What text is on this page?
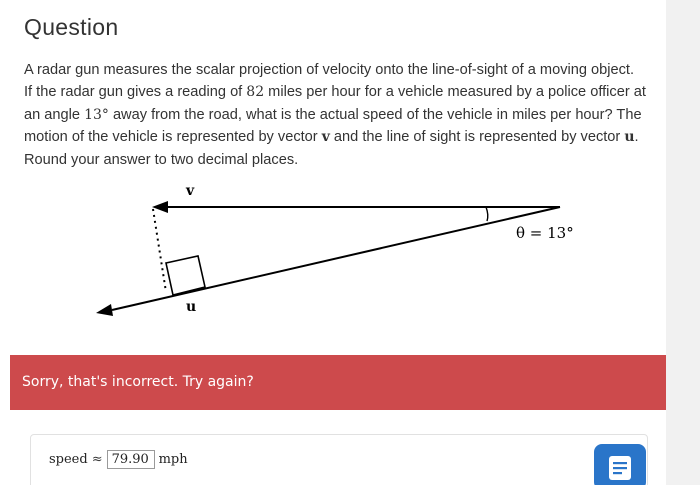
Question
A radar gun measures the scalar projection of velocity onto the line-of-sight of a moving object. If the radar gun gives a reading of 82 miles per hour for a vehicle measured by a police officer at an angle 13° away from the road, what is the actual speed of the vehicle in miles per hour? The motion of the vehicle is represented by vector v and the line of sight is represented by vector u. Round your answer to two decimal places.
v
u
θ = 13°
Sorry, that's incorrect. Try again?
speed ≈ 79.90 mph
